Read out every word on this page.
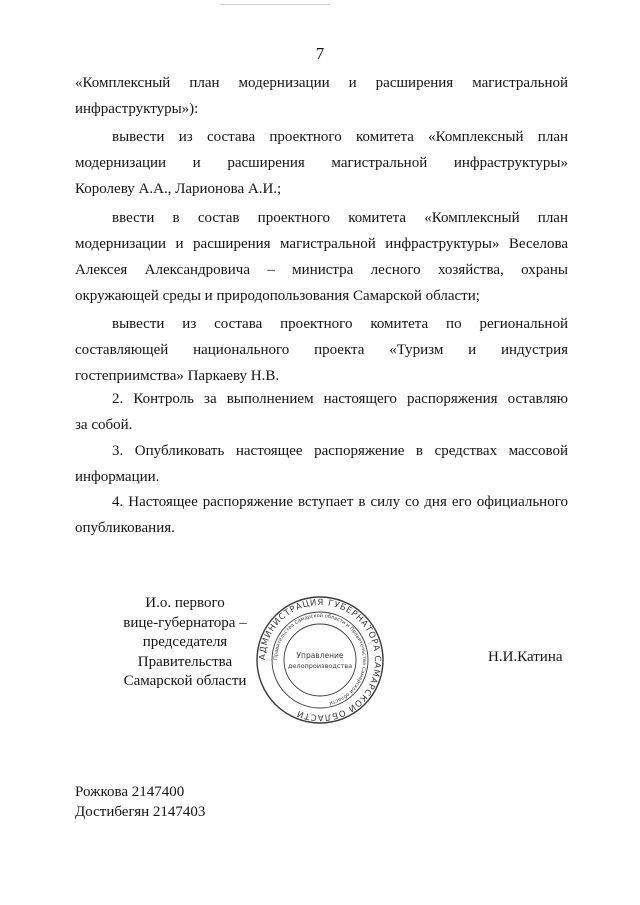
7
«Комплексный план модернизации и расширения магистральной
инфраструктуры»):
вывести из состава проектного комитета «Комплексный план
модернизации и расширения магистральной инфраструктуры»
Королеву А.А., Ларионова А.И.;
ввести в состав проектного комитета «Комплексный план
модернизации и расширения магистральной инфраструктуры» Веселова
Алексея Александровича – министра лесного хозяйства, охраны
окружающей среды и природопользования Самарской области;
вывести из состава проектного комитета по региональной
составляющей национального проекта «Туризм и индустрия
гостеприимства» Паркаеву Н.В.
2. Контроль за выполнением настоящего распоряжения оставляю
за собой.
3. Опубликовать настоящее распоряжение в средствах массовой
информации.
4. Настоящее распоряжение вступает в силу со дня его официального
опубликования.
И.о. первого
вице-губернатора –
председателя Правительства
Самарской области
АДМИНИСТРАЦИЯ ГУБЕРНАТОРА САМАРСКОЙ ОБЛАСТИ
Правительства Самарской области и Правительства Самарской области
Управление
делопроизводства
Н.И.Катина
Рожкова 2147400
Достибегян 2147403
